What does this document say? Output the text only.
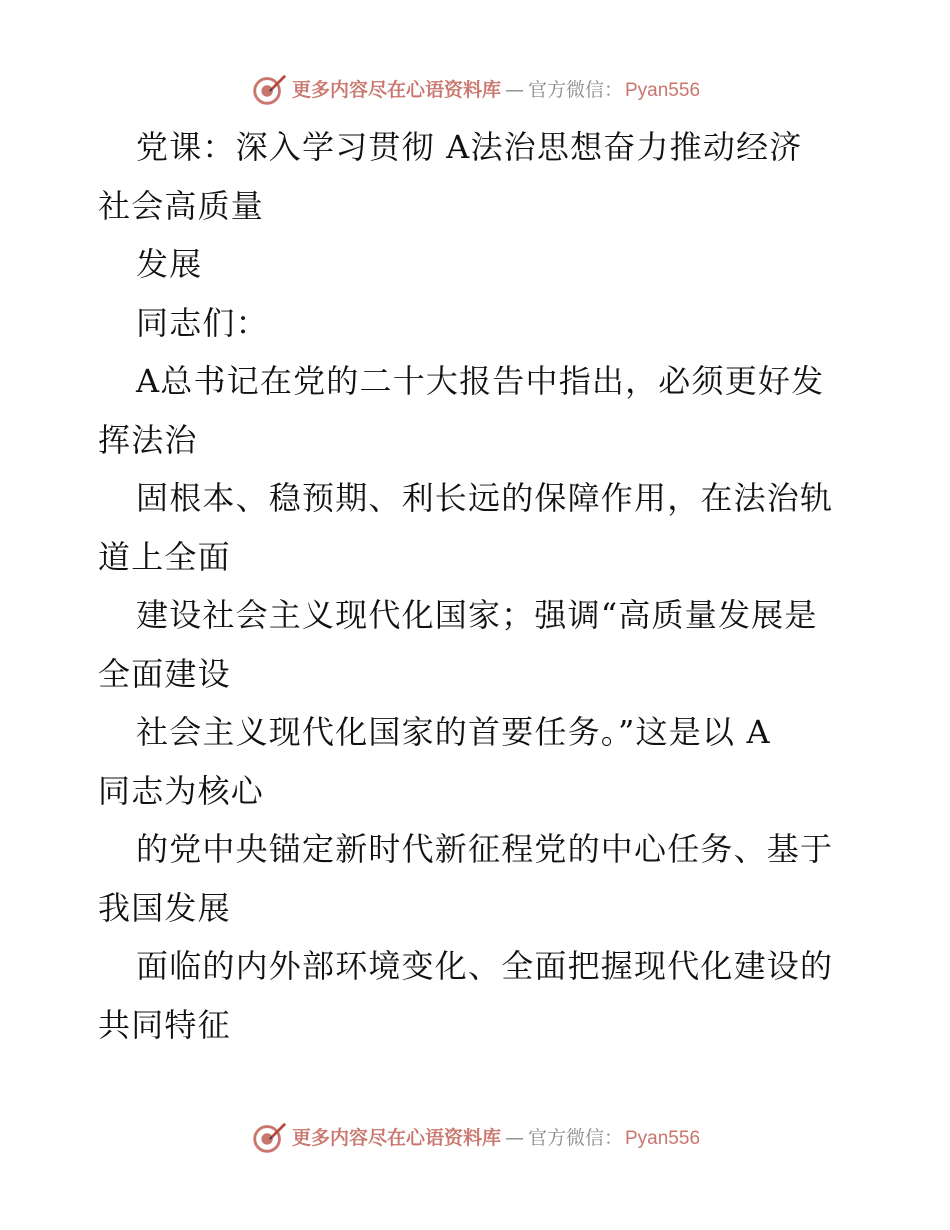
更多内容尽在心语资料库 — 官方微信： Pyan556
党课：深入学习贯彻 A法治思想奋力推动经济
社会高质量
发展
同志们：
A总书记在党的二十大报告中指出，必须更好发
挥法治
固根本、稳预期、利长远的保障作用，在法治轨
道上全面
建设社会主义现代化国家；强调“高质量发展是
全面建设
社会主义现代化国家的首要任务。”这是以 A
同志为核心
的党中央锚定新时代新征程党的中心任务、基于
我国发展
面临的内外部环境变化、全面把握现代化建设的
共同特征
更多内容尽在心语资料库 — 官方微信： Pyan556
